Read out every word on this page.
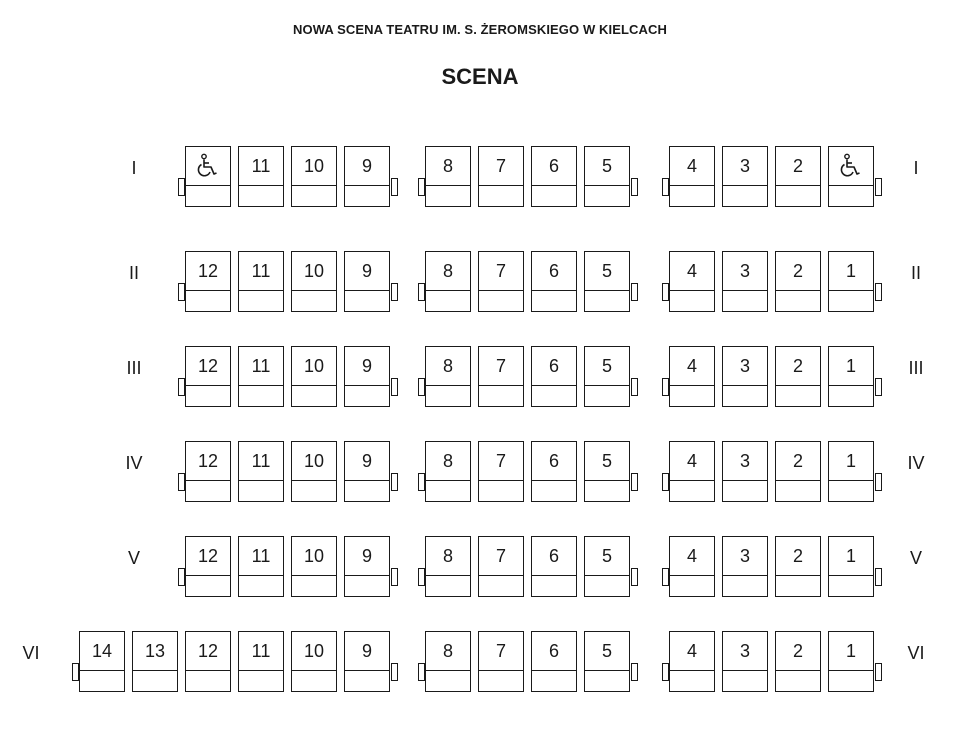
NOWA SCENA TEATRU IM. S. ŻEROMSKIEGO W KIELCACH
SCENA
I	I
11 10 9	8 7 6 5	4 3 2
II	II
12 11 10 9	8 7 6 5	4 3 2 1
III	III
12 11 10 9	8 7 6 5	4 3 2 1
IV	IV
12 11 10 9	8 7 6 5	4 3 2 1
V	V
12 11 10 9	8 7 6 5	4 3 2 1
VI	VI
14 13 12 11 10 9	8 7 6 5	4 3 2 1
